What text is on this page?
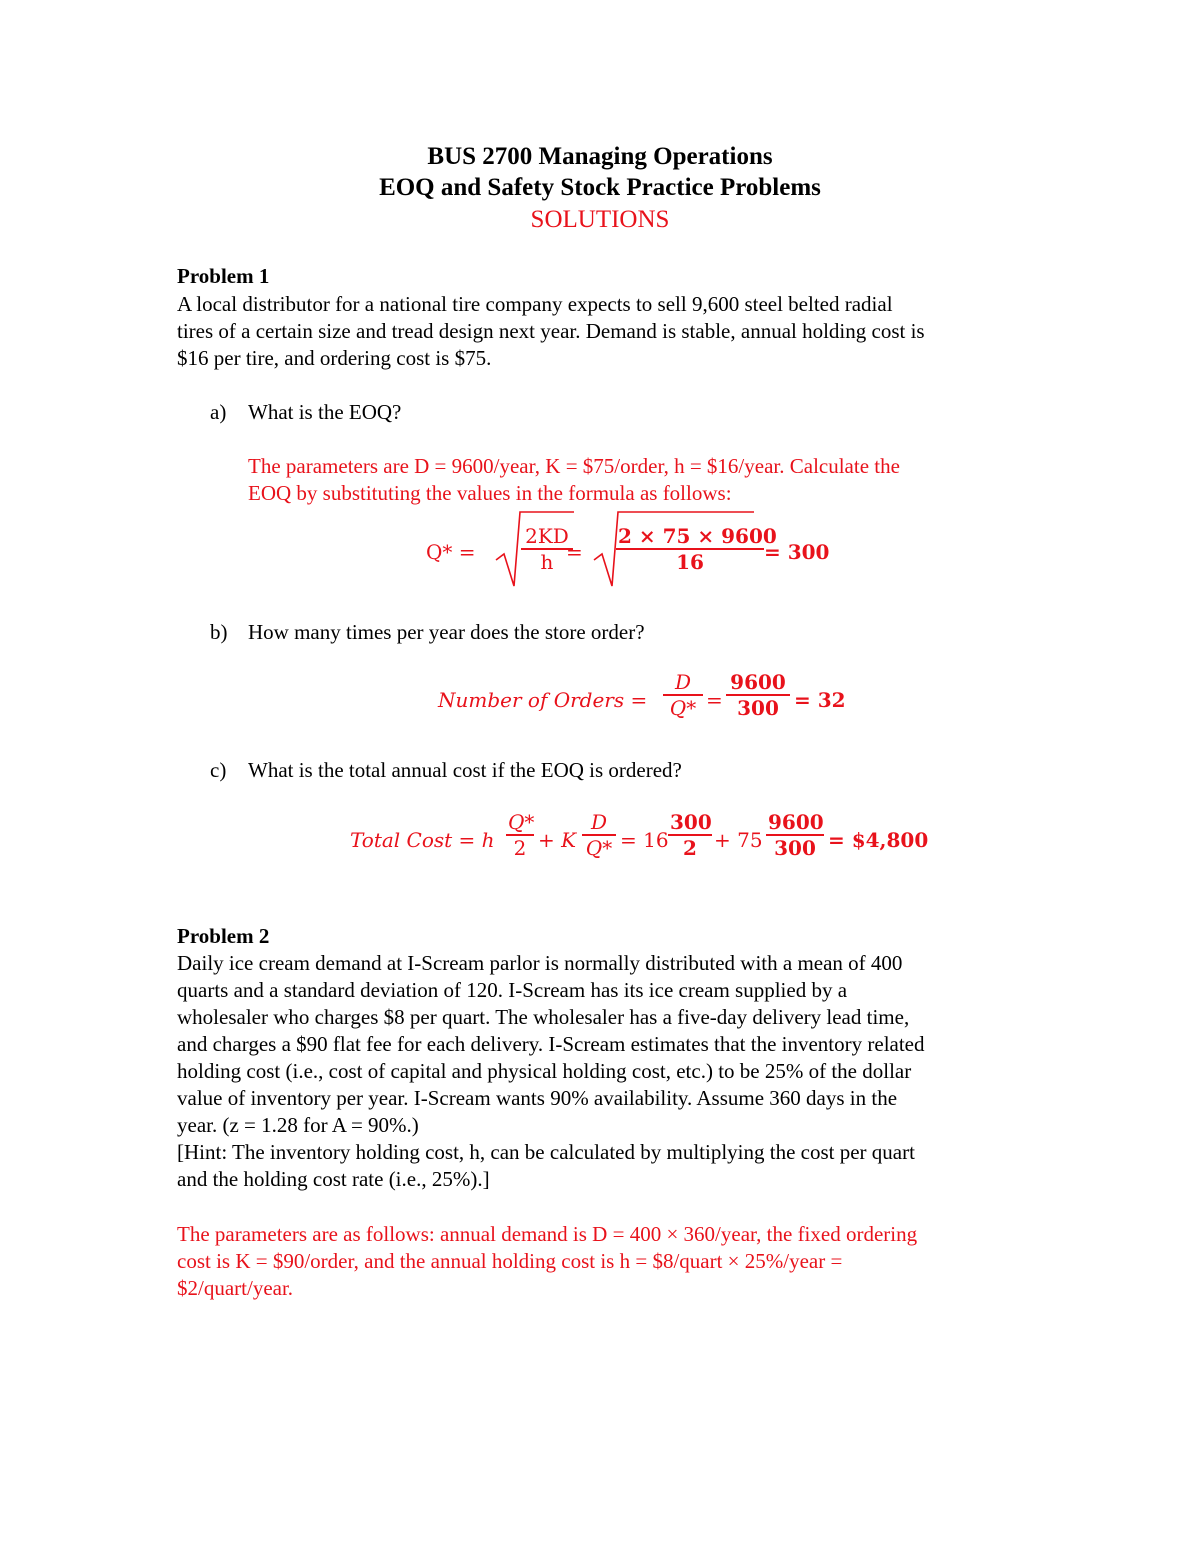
BUS 2700 Managing Operations
EOQ and Safety Stock Practice Problems
SOLUTIONS
Problem 1
A local distributor for a national tire company expects to sell 9,600 steel belted radial
tires of a certain size and tread design next year. Demand is stable, annual holding cost is
$16 per tire, and ordering cost is $75.
a) What is the EOQ?
The parameters are D = 9600/year, K = $75/order, h = $16/year. Calculate the
EOQ by substituting the values in the formula as follows:
Q* =
2KD
h =
2 × 75 × 9600
16	= 300
b) How many times per year does the store order?
Number of Orders =
D
Q* =
9600
300 = 32
c) What is the total annual cost if the EOQ is ordered?
Total Cost = h
Q*
2 + K
D
Q* = 16
300
2 + 75
9600
300 = $4,800
Problem 2
Daily ice cream demand at I-Scream parlor is normally distributed with a mean of 400
quarts and a standard deviation of 120. I-Scream has its ice cream supplied by a
wholesaler who charges $8 per quart. The wholesaler has a five-day delivery lead time,
and charges a $90 flat fee for each delivery. I-Scream estimates that the inventory related
holding cost (i.e., cost of capital and physical holding cost, etc.) to be 25% of the dollar
value of inventory per year. I-Scream wants 90% availability. Assume 360 days in the
year. (z = 1.28 for A = 90%.)
[Hint: The inventory holding cost, h, can be calculated by multiplying the cost per quart
and the holding cost rate (i.e., 25%).]
The parameters are as follows: annual demand is D = 400 × 360/year, the fixed ordering
cost is K = $90/order, and the annual holding cost is h = $8/quart × 25%/year =
$2/quart/year.
